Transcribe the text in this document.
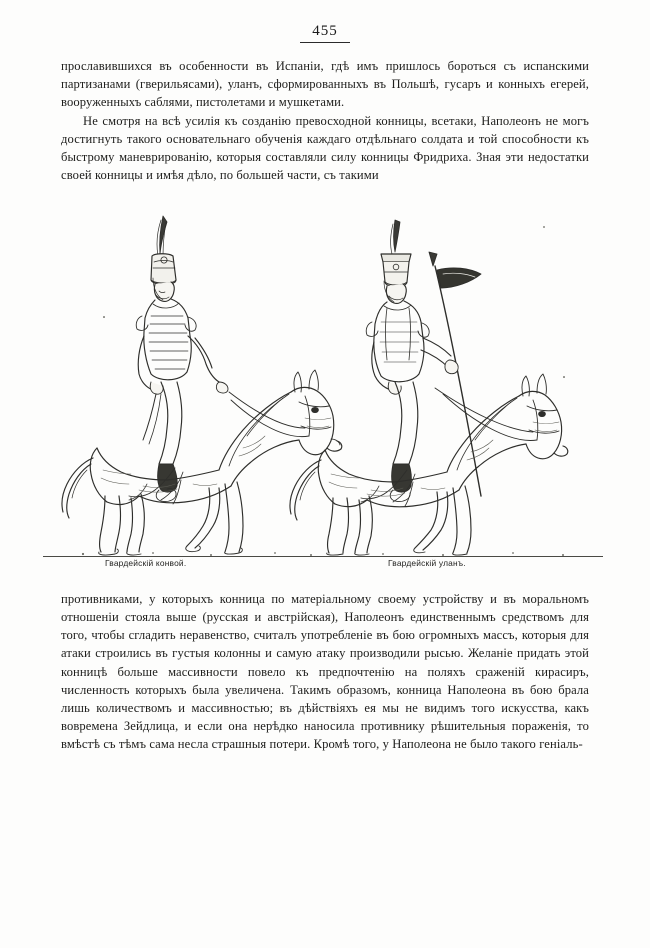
455

прославившихся въ особенности въ Испаніи, гдѣ имъ пришлось бороться съ испанскими партизанами (гверильясами), уланъ, сформированныхъ въ Польшѣ, гусаръ и конныхъ егерей, вооруженныхъ саблями, пистолетами и мушкетами.

Не смотря на всѣ усилія къ созданію превосходной конницы, всетаки, Наполеонъ не могъ достигнуть такого основательнаго обученія каждаго отдѣльнаго солдата и той способности къ быстрому маневрированію, которыя составляли силу конницы Фридриха. Зная эти недостатки своей конницы и имѣя дѣло, по большей части, съ такими

Гвардейскій конвой.	Гвардейскій уланъ.

противниками, у которыхъ конница по матеріальному своему устройству и въ моральномъ отношеніи стояла выше (русская и австрійская), Наполеонъ единственнымъ средствомъ для того, чтобы сгладить неравенство, считалъ употребленіе въ бою огромныхъ массъ, которыя для атаки строились въ густыя колонны и самую атаку производили рысью. Желаніе придать этой конницѣ больше массивности повело къ предпочтенію на поляхъ сраженій кирасиръ, численность которыхъ была увеличена. Такимъ образомъ, конница Наполеона въ бою брала лишь количествомъ и массивностью; въ дѣйствіяхъ ея мы не видимъ того искусства, какъ вовремена Зейдлица, и если она нерѣдко наносила противнику рѣшительныя пораженія, то вмѣстѣ съ тѣмъ сама несла страшныя потери. Кромѣ того, у Наполеона не было такого геніаль-
